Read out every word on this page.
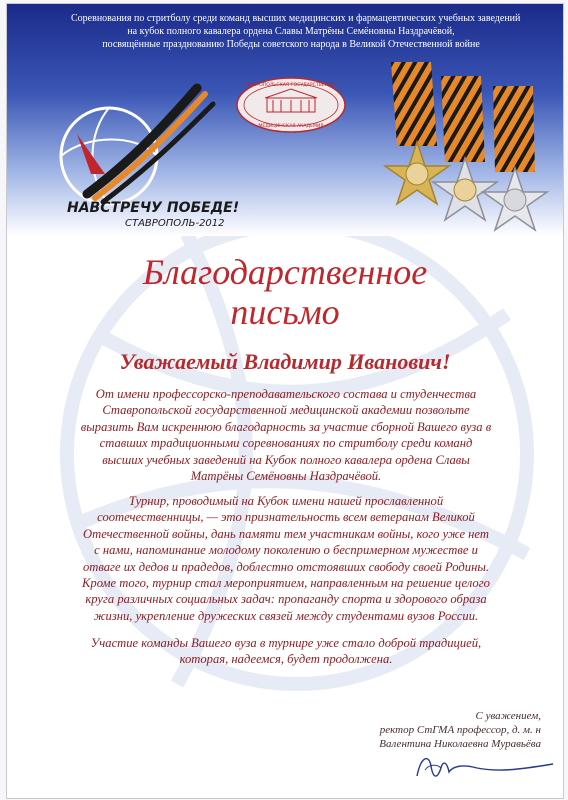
Соревнования по стритболу среди команд высших медицинских и фармацевтических учебных заведений
на кубок полного кавалера ордена Славы Матрёны Семёновны Наздрачёвой,
посвящённые празднованию Победы советского народа в Великой Отечественной войне
СТАВРОПОЛЬСКАЯ ГОСУДАРСТВЕННАЯ
МЕДИЦИНСКАЯ АКАДЕМИЯ
НАВСТРЕЧУ ПОБЕДЕ!
СТАВРОПОЛЬ-2012
Благодарственное
письмо
Уважаемый Владимир Иванович!
От имени профессорско-преподавательского состава и студенчества
Ставропольской государственной медицинской академии позвольте
выразить Вам искреннюю благодарность за участие сборной Вашего вуза в
ставших традиционными соревнованиях по стритболу среди команд
высших учебных заведений на Кубок полного кавалера ордена Славы
Матрёны Семёновны Наздрачёвой.
Турнир, проводимый на Кубок имени нашей прославленной
соотечественницы, — это признательность всем ветеранам Великой
Отечественной войны, дань памяти тем участникам войны, кого уже нет
с нами, напоминание молодому поколению о беспримерном мужестве и
отваге их дедов и прадедов, доблестно отстоявших свободу своей Родины.
Кроме того, турнир стал мероприятием, направленным на решение целого
круга различных социальных задач: пропаганду спорта и здорового образа
жизни, укрепление дружеских связей между студентами вузов России.
Участие команды Вашего вуза в турнире уже стало доброй традицией,
которая, надеемся, будет продолжена.
С уважением,
ректор СтГМА профессор, д. м. н
Валентина Николаевна Муравьёва
